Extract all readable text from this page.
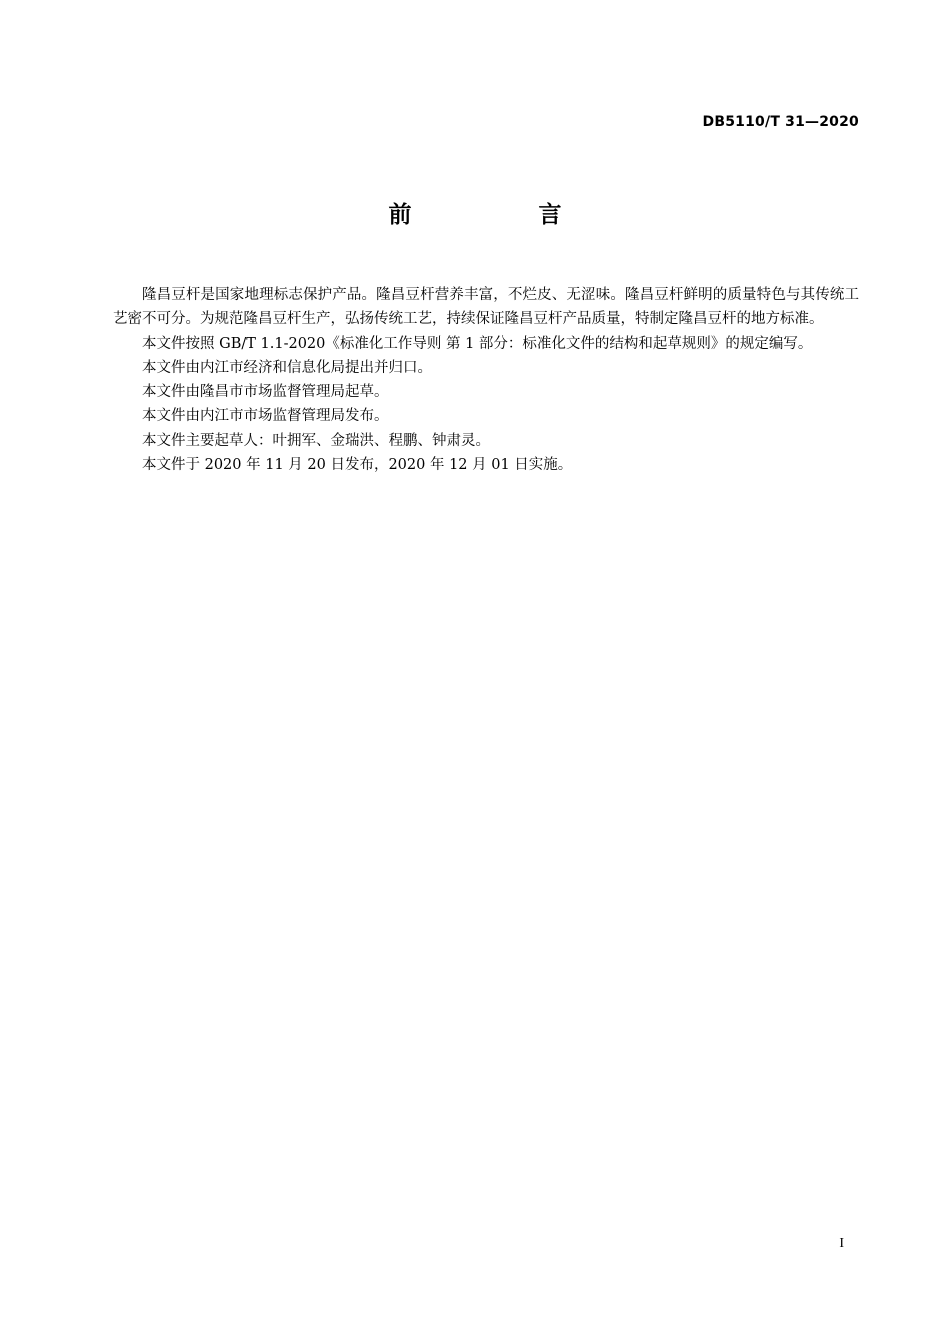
DB5110/T 31—2020
前　言

隆昌豆杆是国家地理标志保护产品。隆昌豆杆营养丰富，不烂皮、无涩味。隆昌豆杆鲜明的质量特色与其传统工艺密不可分。为规范隆昌豆杆生产，弘扬传统工艺，持续保证隆昌豆杆产品质量，特制定隆昌豆杆的地方标准。

本文件按照 GB/T 1.1-2020《标准化工作导则 第 1 部分：标准化文件的结构和起草规则》的规定编写。

本文件由内江市经济和信息化局提出并归口。

本文件由隆昌市市场监督管理局起草。

本文件由内江市市场监督管理局发布。

本文件主要起草人：叶拥军、金瑞洪、程鹏、钟肃灵。

本文件于 2020 年 11 月 20 日发布，2020 年 12 月 01 日实施。

I
